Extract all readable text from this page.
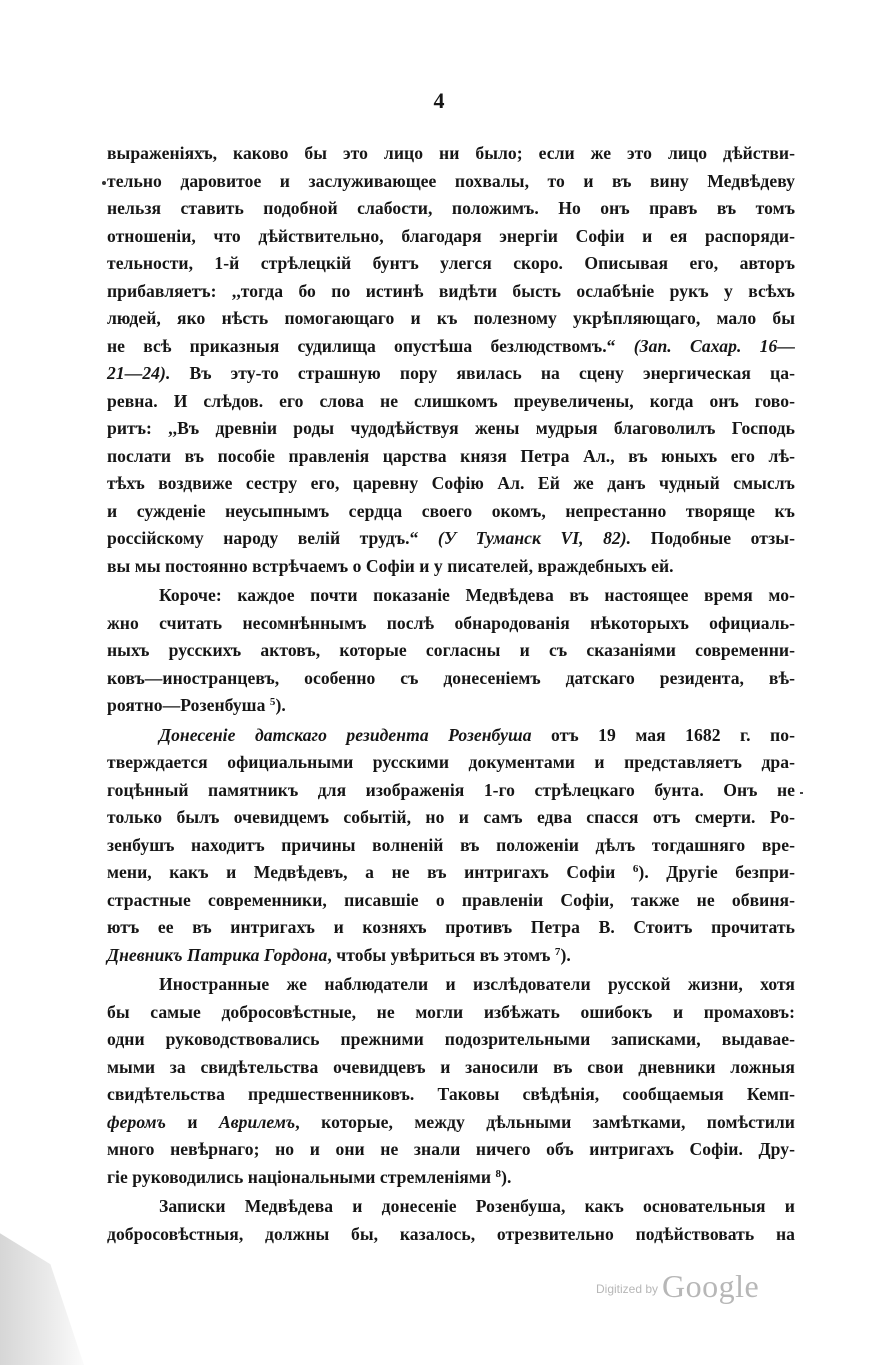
4
выраженіяхъ, каково бы это лицо ни было; если же это лицо дѣйстви-
тельно даровитое и заслуживающее похвалы, то и въ вину Медвѣдеву
нельзя ставить подобной слабости, положимъ. Но онъ правъ въ томъ
отношеніи, что дѣйствительно, благодаря энергіи Софіи и ея распоряди-
тельности, 1-й стрѣлецкій бунтъ улегся скоро. Описывая его, авторъ
прибавляетъ: ,,тогда бо по истинѣ видѣти бысть ослабѣніе рукъ у всѣхъ
людей, яко нѣсть помогающаго и къ полезному укрѣпляющаго, мало бы
не всѣ приказныя судилища опустѣша безлюдствомъ.“ (Зап. Сахар. 16—
21—24). Въ эту-то страшную пору явилась на сцену энергическая ца-
ревна. И слѣдов. его слова не слишкомъ преувеличены, когда онъ гово-
ритъ: ,,Въ древніи роды чудодѣйствуя жены мудрыя благоволилъ Господь
послати въ пособіе правленія царства князя Петра Ал., въ юныхъ его лѣ-
тѣхъ воздвиже сестру его, царевну Софію Ал. Ей же данъ чудный смыслъ
и сужденіе неусыпнымъ сердца своего окомъ, непрестанно творяще къ
россійскому народу велій трудъ.“ (У Туманск VI, 82). Подобные отзы-
вы мы постоянно встрѣчаемъ о Софіи и у писателей, враждебныхъ ей.
Короче: каждое почти показаніе Медвѣдева въ настоящее время мо-
жно считать несомнѣннымъ послѣ обнародованія нѣкоторыхъ официаль-
ныхъ русскихъ актовъ, которые согласны и съ сказаніями современни-
ковъ—иностранцевъ, особенно съ донесеніемъ датскаго резидента, вѣ-
роятно—Розенбуша $^5$).
Донесеніе датскаго резидента Розенбуша отъ 19 мая 1682 г. по-
тверждается официальными русскими документами и представляетъ дра-
гоцѣнный памятникъ для изображенія 1-го стрѣлецкаго бунта. Онъ не
только былъ очевидцемъ событій, но и самъ едва спасся отъ смерти. Ро-
зенбушъ находитъ причины волненій въ положеніи дѣлъ тогдашняго вре-
мени, какъ и Медвѣдевъ, а не въ интригахъ Софіи $^6$). Другіе безпри-
страстные современники, писавшіе о правленіи Софіи, также не обвиня-
ютъ ее въ интригахъ и козняхъ противъ Петра В. Стоитъ прочитать
Дневникъ Патрика Гордона, чтобы увѣриться въ этомъ $^7$).
Иностранные же наблюдатели и изслѣдователи русской жизни, хотя
бы самые добросовѣстные, не могли избѣжать ошибокъ и промаховъ:
одни руководствовались прежними подозрительными записками, выдавае-
мыми за свидѣтельства очевидцевъ и заносили въ свои дневники ложныя
свидѣтельства предшественниковъ. Таковы свѣдѣнія, сообщаемыя Кемп-
феромъ и Аврилемъ, которые, между дѣльными замѣтками, помѣстили
много невѣрнаго; но и они не знали ничего объ интригахъ Софіи. Дру-
гіе руководились національными стремленіями $^8$).
Записки Медвѣдева и донесеніе Розенбуша, какъ основательныя и
добросовѣстныя, должны бы, казалось, отрезвительно подѣйствовать на
$^{Digitized by}$ Google
